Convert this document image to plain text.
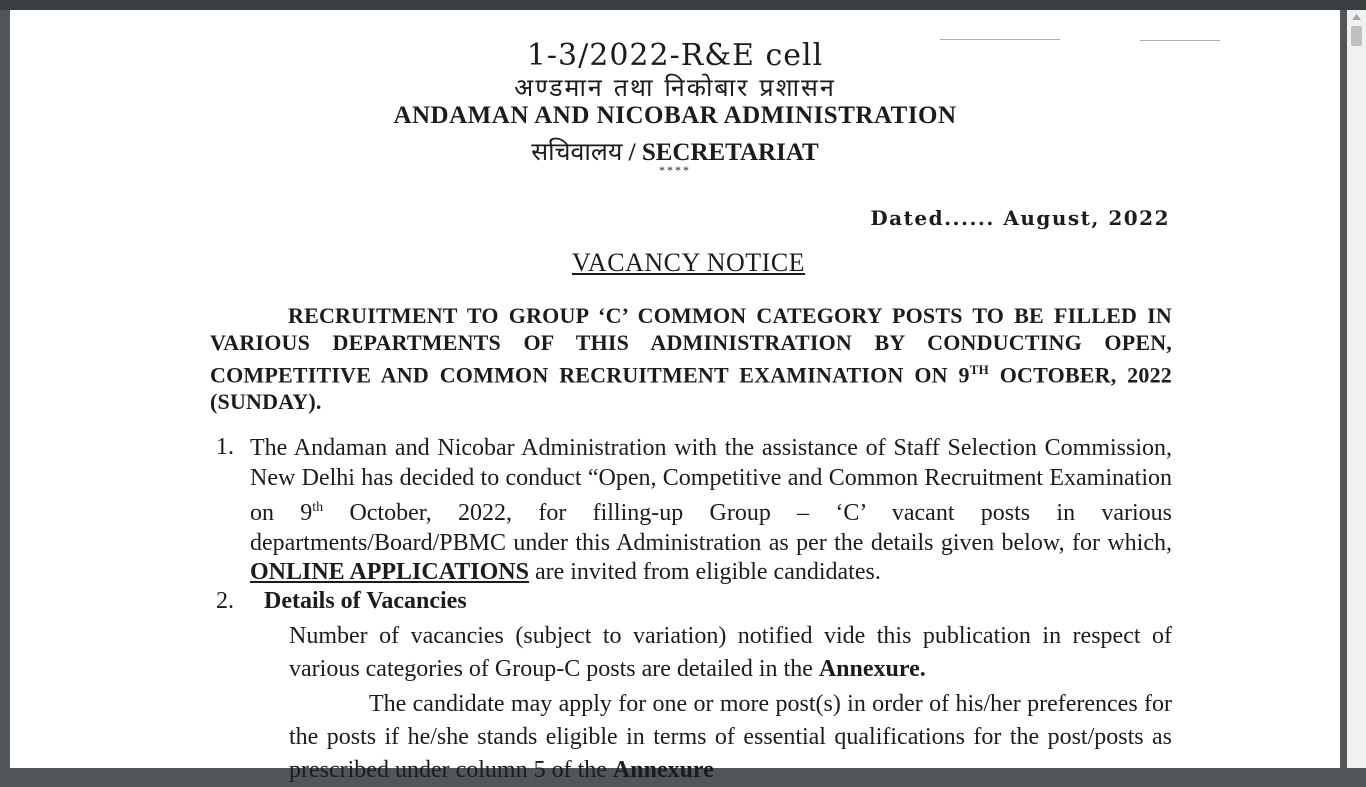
1-3/2022-R&E cell
अण्डमान तथा निकोबार प्रशासन
ANDAMAN AND NICOBAR ADMINISTRATION
सचिवालय / SECRETARIAT
****
Dated...... August, 2022
VACANCY NOTICE
RECRUITMENT TO GROUP ‘C’ COMMON CATEGORY POSTS TO BE FILLED IN VARIOUS DEPARTMENTS OF THIS ADMINISTRATION BY CONDUCTING OPEN, COMPETITIVE AND COMMON RECRUITMENT EXAMINATION ON 9TH OCTOBER, 2022 (SUNDAY).
1. The Andaman and Nicobar Administration with the assistance of Staff Selection Commission, New Delhi has decided to conduct “Open, Competitive and Common Recruitment Examination on 9th October, 2022, for filling-up Group – ‘C’ vacant posts in various departments/Board/PBMC under this Administration as per the details given below, for which, ONLINE APPLICATIONS are invited from eligible candidates.
2. Details of Vacancies
Number of vacancies (subject to variation) notified vide this publication in respect of various categories of Group-C posts are detailed in the Annexure.
The candidate may apply for one or more post(s) in order of his/her preferences for the posts if he/she stands eligible in terms of essential qualifications for the post/posts as prescribed under column 5 of the Annexure
